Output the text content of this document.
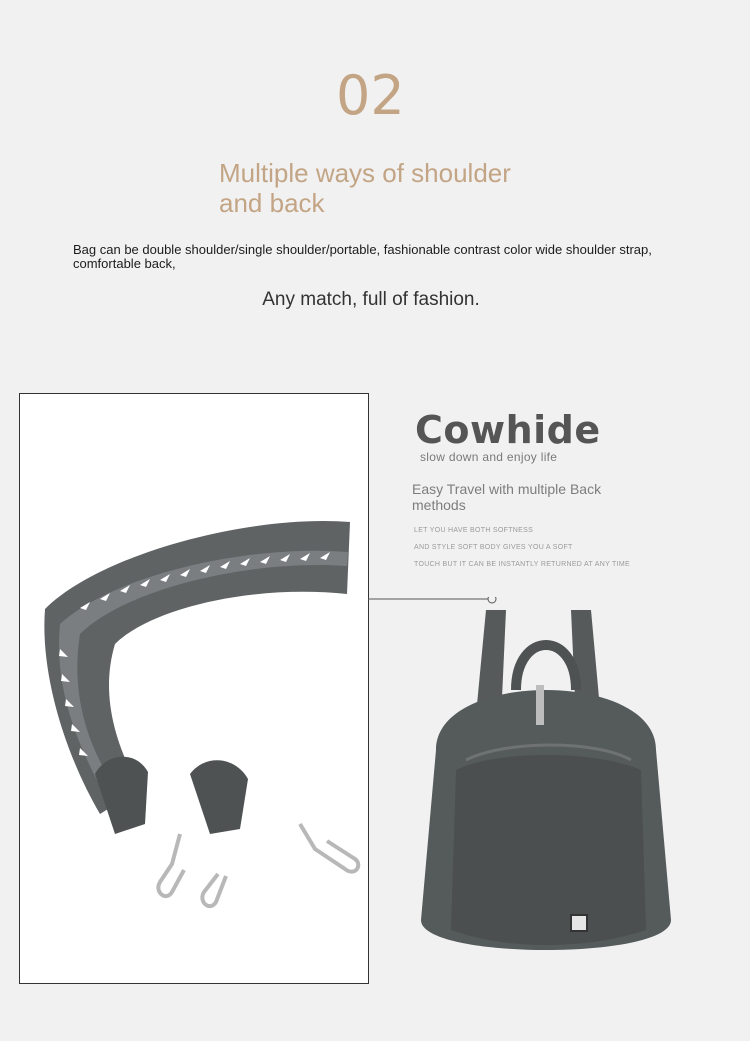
02
Multiple ways of shoulder and back
Bag can be double shoulder/single shoulder/portable, fashionable contrast color wide shoulder strap, comfortable back,
Any match, full of fashion.
Cowhide
slow down and enjoy life
Easy Travel with multiple Back methods
LET YOU HAVE BOTH SOFTNESS
AND STYLE SOFT BODY GIVES YOU A SOFT
TOUCH BUT IT CAN BE INSTANTLY RETURNED AT ANY TIME
